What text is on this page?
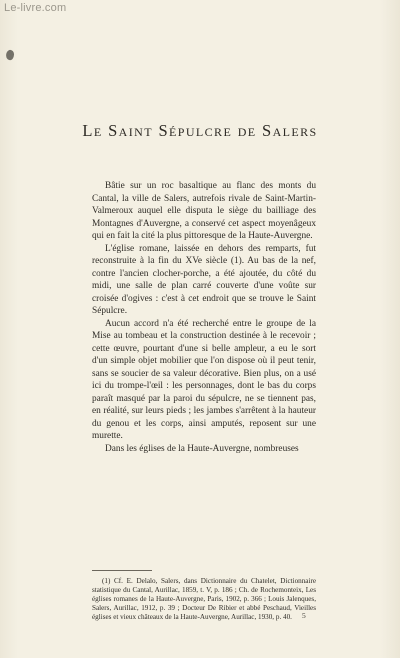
Le-livre.com
Le Saint Sépulcre de Salers

Bâtie sur un roc basaltique au flanc des monts du Cantal, la ville de Salers, autrefois rivale de Saint-Martin-Valmeroux auquel elle disputa le siège du bailliage des Montagnes d'Auvergne, a conservé cet aspect moyenâgeux qui en fait la cité la plus pittoresque de la Haute-Auvergne.

L'église romane, laissée en dehors des remparts, fut reconstruite à la fin du XVe siècle (1). Au bas de la nef, contre l'ancien clocher-porche, a été ajoutée, du côté du midi, une salle de plan carré couverte d'une voûte sur croisée d'ogives : c'est à cet endroit que se trouve le Saint Sépulcre.

Aucun accord n'a été recherché entre le groupe de la Mise au tombeau et la construction destinée à le recevoir ; cette œuvre, pourtant d'une si belle ampleur, a eu le sort d'un simple objet mobilier que l'on dispose où il peut tenir, sans se soucier de sa valeur décorative. Bien plus, on a usé ici du trompe-l'œil : les personnages, dont le bas du corps paraît masqué par la paroi du sépulcre, ne se tiennent pas, en réalité, sur leurs pieds ; les jambes s'arrêtent à la hauteur du genou et les corps, ainsi amputés, reposent sur une murette.

Dans les églises de la Haute-Auvergne, nombreuses

(1) Cf. E. Delalo, Salers, dans Dictionnaire du Chatelet, Dictionnaire statistique du Cantal, Aurillac, 1859, t. V, p. 186 ; Ch. de Rochemonteix, Les églises romanes de la Haute-Auvergne, Paris, 1902, p. 366 ; Louis Jalenques, Salers, Aurillac, 1912, p. 39 ; Docteur De Ribier et abbé Peschaud, Vieilles églises et vieux châteaux de la Haute-Auvergne, Aurillac, 1930, p. 40.	5
